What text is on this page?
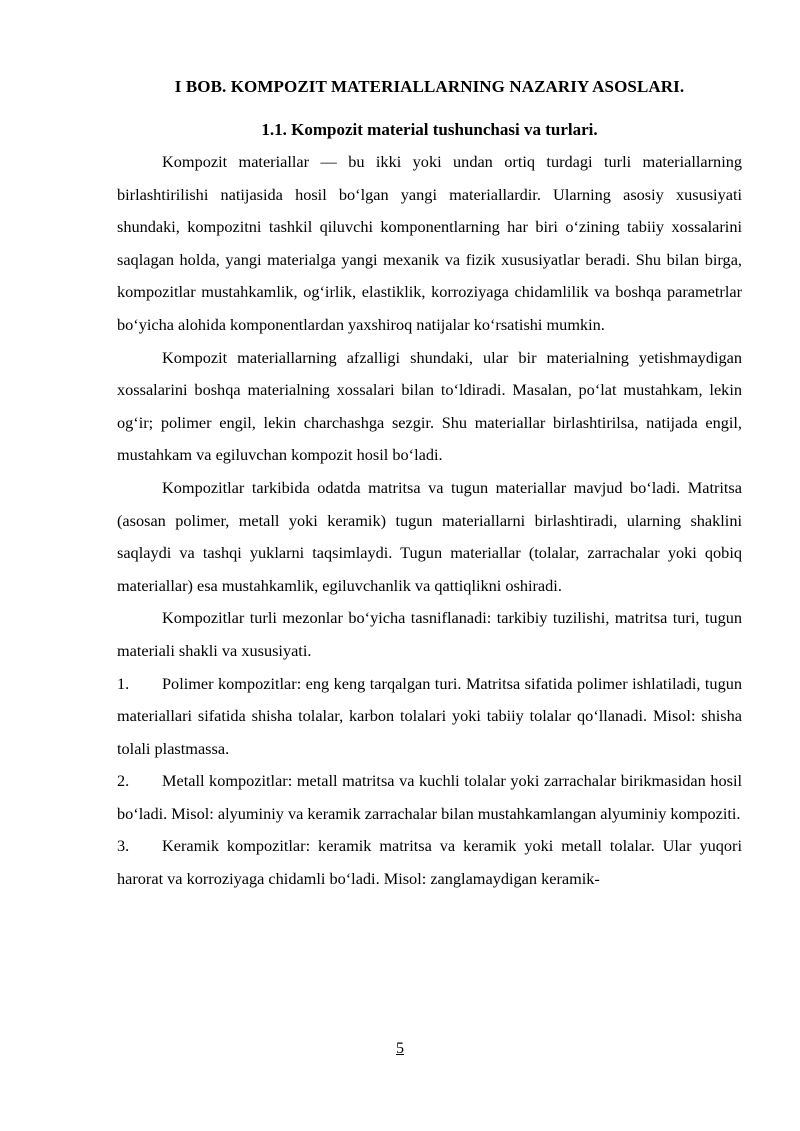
I BOB. KOMPOZIT MATERIALLARNING NAZARIY ASOSLARI.
1.1. Kompozit material tushunchasi va turlari.

Kompozit materiallar — bu ikki yoki undan ortiq turdagi turli materiallarning birlashtirilishi natijasida hosil bo‘lgan yangi materiallardir. Ularning asosiy xususiyati shundaki, kompozitni tashkil qiluvchi komponentlarning har biri o‘zining tabiiy xossalarini saqlagan holda, yangi materialga yangi mexanik va fizik xususiyatlar beradi. Shu bilan birga, kompozitlar mustahkamlik, og‘irlik, elastiklik, korroziyaga chidamlilik va boshqa parametrlar bo‘yicha alohida komponentlardan yaxshiroq natijalar ko‘rsatishi mumkin.

Kompozit materiallarning afzalligi shundaki, ular bir materialning yetishmaydigan xossalarini boshqa materialning xossalari bilan to‘ldiradi. Masalan, po‘lat mustahkam, lekin og‘ir; polimer engil, lekin charchashga sezgir. Shu materiallar birlashtirilsa, natijada engil, mustahkam va egiluvchan kompozit hosil bo‘ladi.

Kompozitlar tarkibida odatda matritsa va tugun materiallar mavjud bo‘ladi. Matritsa (asosan polimer, metall yoki keramik) tugun materiallarni birlashtiradi, ularning shaklini saqlaydi va tashqi yuklarni taqsimlaydi. Tugun materiallar (tolalar, zarrachalar yoki qobiq materiallar) esa mustahkamlik, egiluvchanlik va qattiqlikni oshiradi.

Kompozitlar turli mezonlar bo‘yicha tasniflanadi: tarkibiy tuzilishi, matritsa turi, tugun materiali shakli va xususiyati.

1. Polimer kompozitlar: eng keng tarqalgan turi. Matritsa sifatida polimer ishlatiladi, tugun materiallari sifatida shisha tolalar, karbon tolalari yoki tabiiy tolalar qo‘llanadi. Misol: shisha tolali plastmassa.

2. Metall kompozitlar: metall matritsa va kuchli tolalar yoki zarrachalar birikmasidan hosil bo‘ladi. Misol: alyuminiy va keramik zarrachalar bilan mustahkamlangan alyuminiy kompoziti.

3. Keramik kompozitlar: keramik matritsa va keramik yoki metall tolalar. Ular yuqori harorat va korroziyaga chidamli bo‘ladi. Misol: zanglamaydigan keramik-

5
